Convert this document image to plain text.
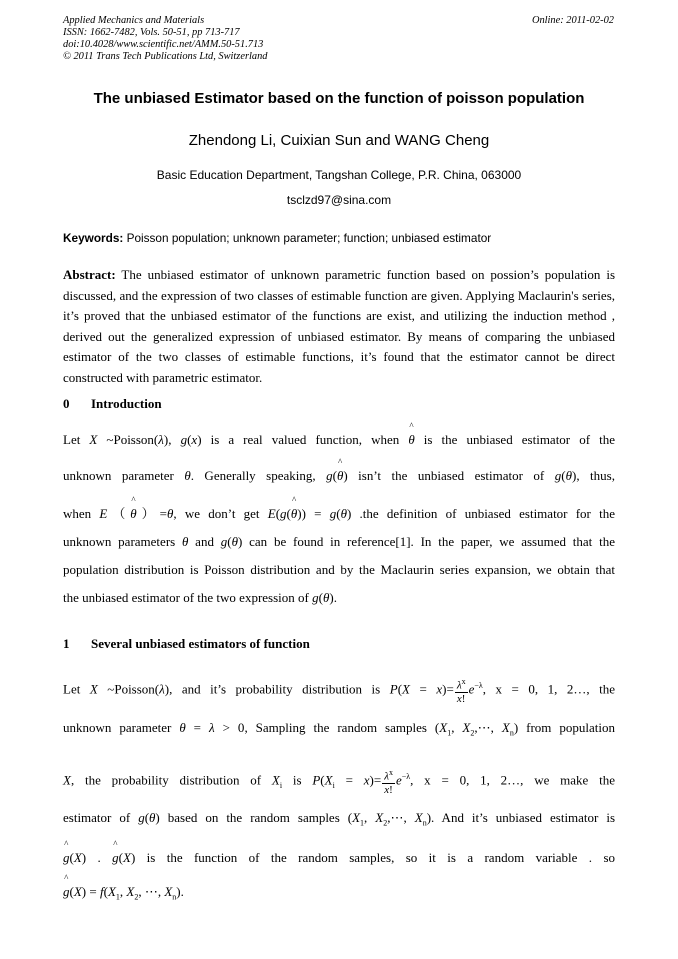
Applied Mechanics and Materials
ISSN: 1662-7482, Vols. 50-51, pp 713-717
doi:10.4028/www.scientific.net/AMM.50-51.713
© 2011 Trans Tech Publications Ltd, Switzerland
Online: 2011-02-02
The unbiased Estimator based on the function of poisson population
Zhendong Li, Cuixian Sun and WANG Cheng
Basic Education Department, Tangshan College, P.R. China, 063000
tsclzd97@sina.com
Keywords: Poisson population; unknown parameter; function; unbiased estimator
Abstract: The unbiased estimator of unknown parametric function based on possion’s population is discussed, and the expression of two classes of estimable function are given. Applying Maclaurin's series, it’s proved that the unbiased estimator of the functions are exist, and utilizing the induction method , derived out the generalized expression of unbiased estimator. By means of comparing the unbiased estimator of the two classes of estimable functions, it’s found that the estimator cannot be direct constructed with parametric estimator.
0 Introduction
Let X ~Poisson(λ), g(x) is a real valued function, when ^ θ is the unbiased estimator of the
unknown parameter θ. Generally speaking, g(^ θ) isn’t the unbiased estimator of g(θ), thus,
when E（^ θ）=θ, we don’t get E(g(^ θ)) = g(θ) .the definition of unbiased estimator for the
unknown parameters θ and g(θ) can be found in reference[1]. In the paper, we assumed that the
population distribution is Poisson distribution and by the Maclaurin series expansion, we obtain that
the unbiased estimator of the two expression of g(θ).
1 Several unbiased estimators of function
Let X ~Poisson(λ), and it’s probability distribution is $P(X = x)= \frac{\lambda^x}{x!} e^{-\lambda}$, x = 0, 1, 2…, the
unknown parameter θ = λ > 0, Sampling the random samples ($X_1$, $X_2,\cdots$, $X_n$) from population
X, the probability distribution of $X_i$ is $P(X_i = x)= \frac{\lambda^x}{x!} e^{-\lambda}$, x = 0, 1, 2…, we make the
estimator of g(θ) based on the random samples ($X_1$, $X_2,\cdots$, $X_n$). And it’s unbiased estimator is
^ g(X) . ^ g(X) is the function of the random samples, so it is a random variable . so
^ $g(X) = f(X_1$, $X_2$, ⋯, $X_n$).
